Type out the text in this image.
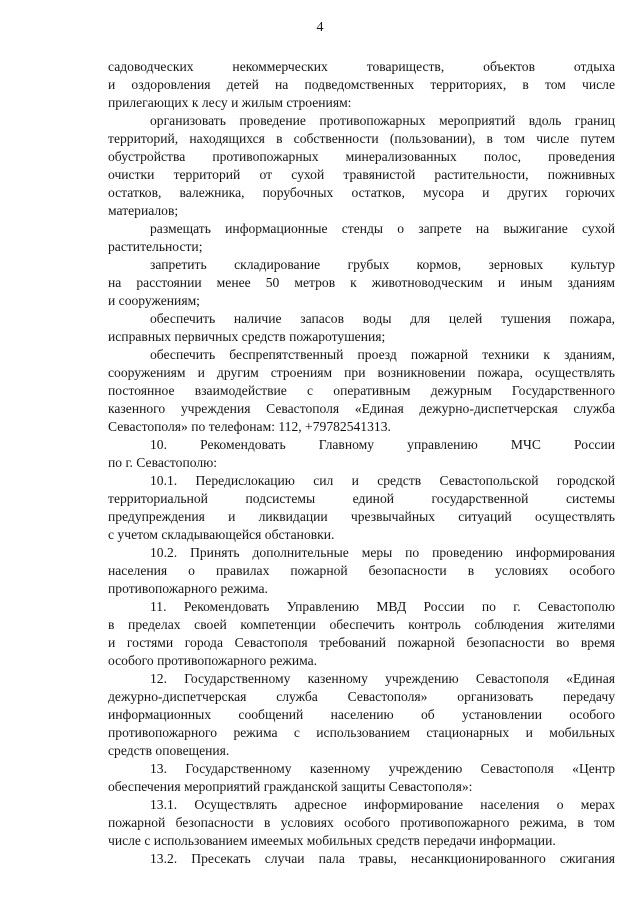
4
садоводческих некоммерческих товариществ, объектов отдыха
и оздоровления детей на подведомственных территориях, в том числе
прилегающих к лесу и жилым строениям:
организовать проведение противопожарных мероприятий вдоль границ
территорий, находящихся в собственности (пользовании), в том числе путем
обустройства противопожарных минерализованных полос, проведения
очистки территорий от сухой травянистой растительности, пожнивных
остатков, валежника, порубочных остатков, мусора и других горючих
материалов;
размещать информационные стенды о запрете на выжигание сухой
растительности;
запретить складирование грубых кормов, зерновых культур
на расстоянии менее 50 метров к животноводческим и иным зданиям
и сооружениям;
обеспечить наличие запасов воды для целей тушения пожара,
исправных первичных средств пожаротушения;
обеспечить беспрепятственный проезд пожарной техники к зданиям,
сооружениям и другим строениям при возникновении пожара, осуществлять
постоянное взаимодействие с оперативным дежурным Государственного
казенного учреждения Севастополя «Единая дежурно-диспетчерская служба
Севастополя» по телефонам: 112, +79782541313.
10. Рекомендовать Главному управлению МЧС России
по г. Севастополю:
10.1. Передислокацию сил и средств Севастопольской городской
территориальной подсистемы единой государственной системы
предупреждения и ликвидации чрезвычайных ситуаций осуществлять
с учетом складывающейся обстановки.
10.2. Принять дополнительные меры по проведению информирования
населения о правилах пожарной безопасности в условиях особого
противопожарного режима.
11. Рекомендовать Управлению МВД России по г. Севастополю
в пределах своей компетенции обеспечить контроль соблюдения жителями
и гостями города Севастополя требований пожарной безопасности во время
особого противопожарного режима.
12. Государственному казенному учреждению Севастополя «Единая
дежурно-диспетчерская служба Севастополя» организовать передачу
информационных сообщений населению об установлении особого
противопожарного режима с использованием стационарных и мобильных
средств оповещения.
13. Государственному казенному учреждению Севастополя «Центр
обеспечения мероприятий гражданской защиты Севастополя»:
13.1. Осуществлять адресное информирование населения о мерах
пожарной безопасности в условиях особого противопожарного режима, в том
числе с использованием имеемых мобильных средств передачи информации.
13.2. Пресекать случаи пала травы, несанкционированного сжигания
